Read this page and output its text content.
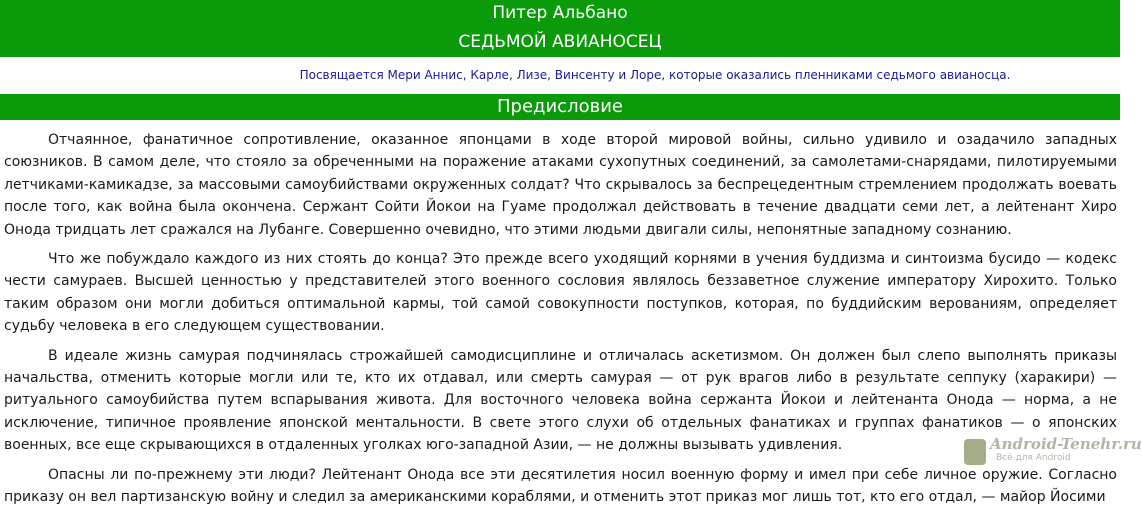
Питер Альбано
СЕДЬМОЙ АВИАНОСЕЦ
Посвящается Мери Аннис, Карле, Лизе, Винсенту и Лоре, которые оказались пленниками седьмого авианосца.
Предисловие

Отчаянное, фанатичное сопротивление, оказанное японцами в ходе второй мировой войны, сильно удивило и озадачило западных союзников. В самом деле, что стояло за обреченными на поражение атаками сухопутных соединений, за самолетами-снарядами, пилотируемыми летчиками-камикадзе, за массовыми самоубийствами окруженных солдат? Что скрывалось за беспрецедентным стремлением продолжать воевать после того, как война была окончена. Сержант Сойти Йокои на Гуаме продолжал действовать в течение двадцати семи лет, а лейтенант Хиро Онода тридцать лет сражался на Лубанге. Совершенно очевидно, что этими людьми двигали силы, непонятные западному сознанию.

Что же побуждало каждого из них стоять до конца? Это прежде всего уходящий корнями в учения буддизма и синтоизма бусидо — кодекс чести самураев. Высшей ценностью у представителей этого военного сословия являлось беззаветное служение императору Хирохито. Только таким образом они могли добиться оптимальной кармы, той самой совокупности поступков, которая, по буддийским верованиям, определяет судьбу человека в его следующем существовании.

В идеале жизнь самурая подчинялась строжайшей самодисциплине и отличалась аскетизмом. Он должен был слепо выполнять приказы начальства, отменить которые могли или те, кто их отдавал, или смерть самурая — от рук врагов либо в результате сеппуку (харакири) — ритуального самоубийства путем вспарывания живота. Для восточного человека война сержанта Йокои и лейтенанта Онода — норма, а не исключение, типичное проявление японской ментальности. В свете этого слухи об отдельных фанатиках и группах фанатиков — о японских военных, все еще скрывающихся в отдаленных уголках юго-западной Азии, — не должны вызывать удивления.

Опасны ли по-прежнему эти люди? Лейтенант Онода все эти десятилетия носил военную форму и имел при себе личное оружие. Согласно приказу он вел партизанскую войну и следил за американскими кораблями, и отменить этот приказ мог лишь тот, кто его отдал, — майор Йосими

Android-Tenehr.ru
Всё для Android
